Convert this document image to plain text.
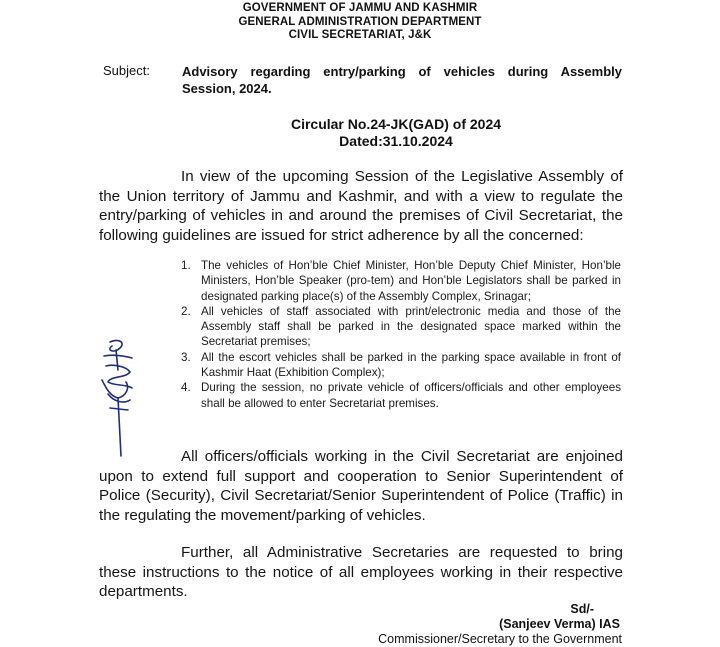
GOVERNMENT OF JAMMU AND KASHMIR
GENERAL ADMINISTRATION DEPARTMENT
CIVIL SECRETARIAT, J&K
Subject: Advisory regarding entry/parking of vehicles during Assembly Session, 2024.
Circular No.24-JK(GAD) of 2024
Dated:31.10.2024
In view of the upcoming Session of the Legislative Assembly of the Union territory of Jammu and Kashmir, and with a view to regulate the entry/parking of vehicles in and around the premises of Civil Secretariat, the following guidelines are issued for strict adherence by all the concerned:
1. The vehicles of Hon’ble Chief Minister, Hon’ble Deputy Chief Minister, Hon’ble Ministers, Hon’ble Speaker (pro-tem) and Hon’ble Legislators shall be parked in designated parking place(s) of the Assembly Complex, Srinagar;
2. All vehicles of staff associated with print/electronic media and those of the Assembly staff shall be parked in the designated space marked within the Secretariat premises;
3. All the escort vehicles shall be parked in the parking space available in front of Kashmir Haat (Exhibition Complex);
4. During the session, no private vehicle of officers/officials and other employees shall be allowed to enter Secretariat premises.
All officers/officials working in the Civil Secretariat are enjoined upon to extend full support and cooperation to Senior Superintendent of Police (Security), Civil Secretariat/Senior Superintendent of Police (Traffic) in the regulating the movement/parking of vehicles.
Further, all Administrative Secretaries are requested to bring these instructions to the notice of all employees working in their respective departments.
Sd/-
(Sanjeev Verma) IAS
Commissioner/Secretary to the Government
